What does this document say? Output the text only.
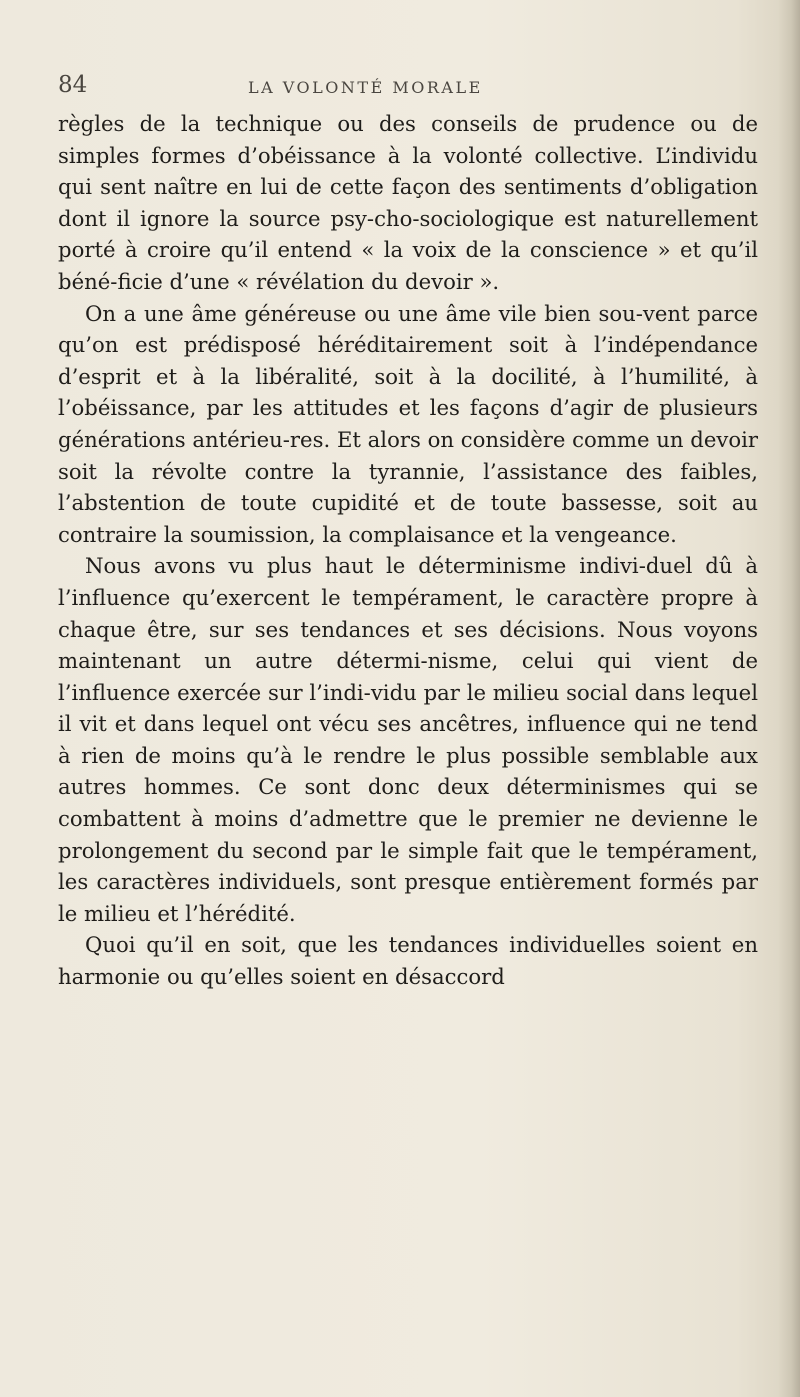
84	LA VOLONTÉ MORALE

règles de la technique ou des conseils de prudence ou de simples formes d’obéissance à la volonté collective. L’individu qui sent naître en lui de cette façon des sentiments d’obligation dont il ignore la source psy-cho-sociologique est naturellement porté à croire qu’il entend « la voix de la conscience » et qu’il béné-ficie d’une « révélation du devoir ».

On a une âme généreuse ou une âme vile bien sou-vent parce qu’on est prédisposé héréditairement soit à l’indépendance d’esprit et à la libéralité, soit à la docilité, à l’humilité, à l’obéissance, par les attitudes et les façons d’agir de plusieurs générations antérieu-res. Et alors on considère comme un devoir soit la révolte contre la tyrannie, l’assistance des faibles, l’abstention de toute cupidité et de toute bassesse, soit au contraire la soumission, la complaisance et la vengeance.

Nous avons vu plus haut le déterminisme indivi-duel dû à l’influence qu’exercent le tempérament, le caractère propre à chaque être, sur ses tendances et ses décisions. Nous voyons maintenant un autre détermi-nisme, celui qui vient de l’influence exercée sur l’indi-vidu par le milieu social dans lequel il vit et dans lequel ont vécu ses ancêtres, influence qui ne tend à rien de moins qu’à le rendre le plus possible semblable aux autres hommes. Ce sont donc deux déterminismes qui se combattent à moins d’admettre que le premier ne devienne le prolongement du second par le simple fait que le tempérament, les caractères individuels, sont presque entièrement formés par le milieu et l’hérédité.

Quoi qu’il en soit, que les tendances individuelles soient en harmonie ou qu’elles soient en désaccord
